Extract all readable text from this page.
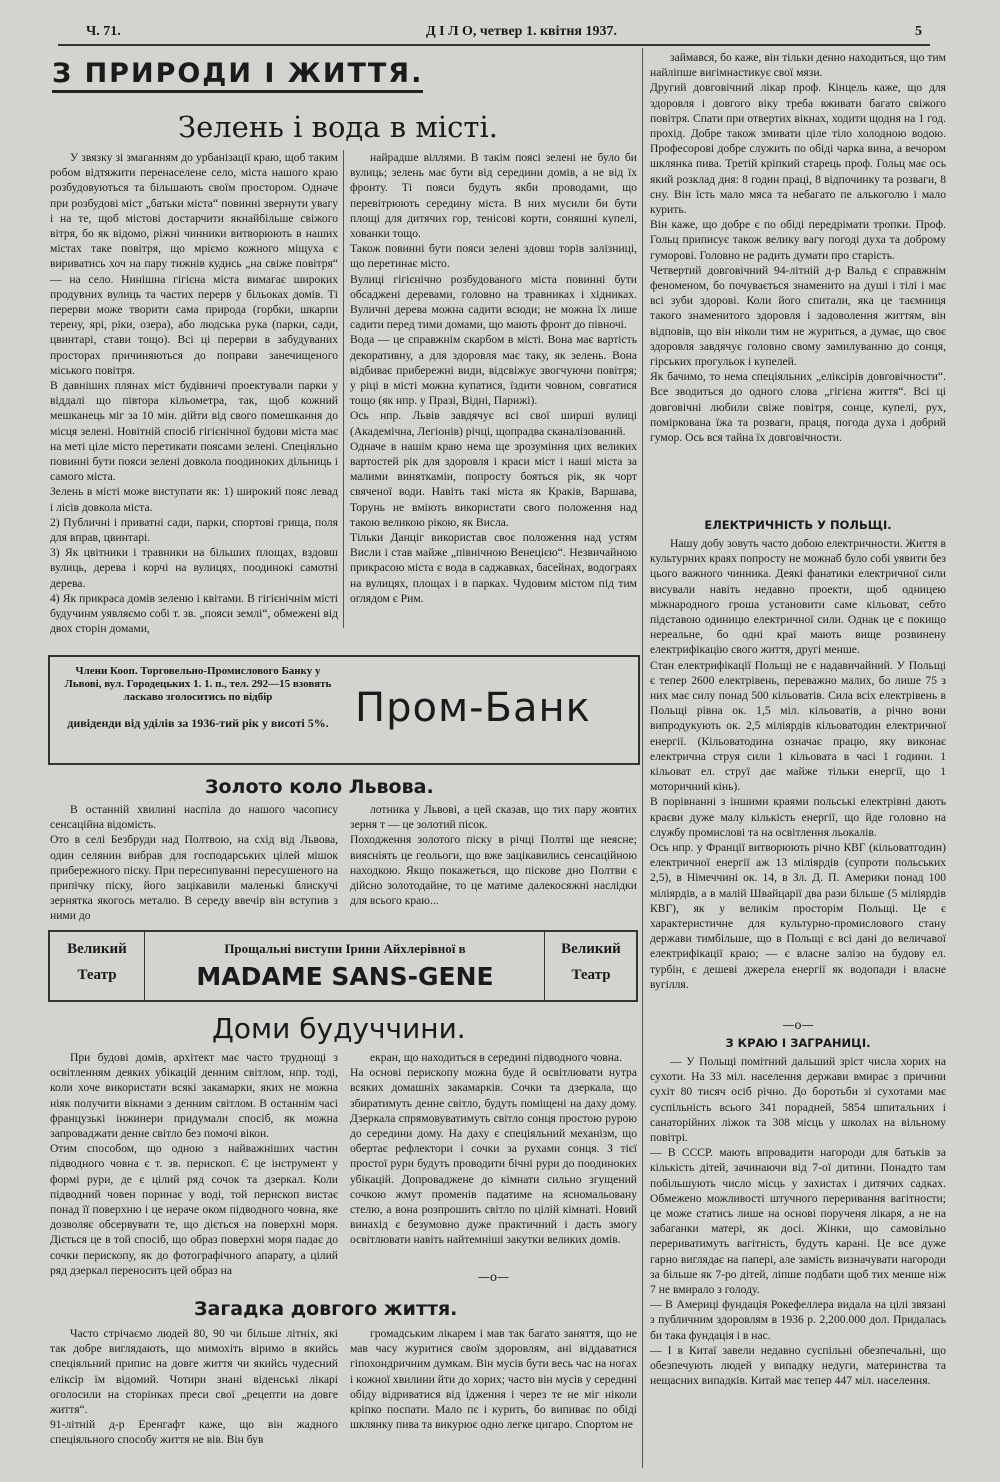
Ч. 71.	Д І Л О, четвер 1. квітня 1937.	5
З ПРИРОДИ І ЖИТТЯ.
Зелень і вода в місті.

У звязку зі змаганням до урбанізації краю, щоб таким робом відтяжити перенаселене село, міста нашого краю розбудовуються та більшають своїм простором. Одначе при розбудові міст „батьки міста“ повинні звернути увагу і на те, щоб містові достарчити якнайбільше свіжого вітря, бо як відомо, ріжні чинники витворюють в наших містах таке повітря, що мріємо кожного міщуха є вириватись хоч на пару тижнів кудись „на свіже повітря“ — на село. Нинішна гігієна міста вимагає широких продувних вулиць та частих перерв у більоках домів. Ті перерви може творити сама природа (горбки, шкарпи терену, ярі, ріки, озера), або людська рука (парки, сади, цвинтарі, стави тощо). Всі ці перерви в забудуваних просторах причиняються до поправи занечищеного міського повітря.
В давніших плянах міст будівничі проектували парки у віддалі що півтора кільометра, так, щоб кожний мешканець міг за 10 мін. дійти від свого помешкання до місця зелені. Новітній спосіб гігієнічної будови міста має на меті ціле місто перетикати поясами зелені. Спеціяльно повинні бути пояси зелені довкола поодиноких дільниць і самого міста.
Зелень в місті може виступати як: 1) широкий пояс левад і лісів довкола міста.
2) Публичні і приватні сади, парки, спортові грища, поля для вправ, цвинтарі.
3) Як цвітники і травники на більших площах, вздовш вулиць, дерева і корчі на вулицях, поодинокі самотні дерева.
4) Як прикраса домів зеленю і квітами. В гігієнічнім місті будучинм уявляємо собі т. зв. „пояси землі“, обмежені від двох сторін домами,

найрадше віллями. В такім поясі зелені не було би вулиць; зелень має бути від середини домів, а не від їх фронту. Ті пояси будуть якби проводами, що перевітрюють середину міста. В них мусили би бути площі для дитячих гор, тенісові корти, соняшні купелі, хованки тощо.
Також повинні бути пояси зелені здовш торів залізниці, що перетинає місто.
Вулиці гігієнічно розбудованого міста повинні бути обсаджені деревами, головно на травниках і хідниках. Вуличні дерева можна садити всюди; не можна їх лише садити перед тими домами, що мають фронт до півночі.
Вода — це справжнім скарбом в місті. Вона має вартість декоративну, а для здоровля має таку, як зелень. Вона відбиває прибережні види, відсвіжує звогчуючи повітря; у ріці в місті можна купатися, їздити човном, совгатися тощо (як нпр. у Празі, Відні, Парижі).
Ось нпр. Львів завдячує всі свої ширші вулиці (Академічна, Легіонів) річці, щопрадва сканалізований.
Одначе в нашім краю нема ще зрозуміння цих великих вартостей рік для здоровля і краси міст і наші міста за малими виняткаміи, попросту бояться рік, як чорт свяченої води. Навіть такі міста як Краків, Варшава, Торунь не вміють використати свого положення над такою великою рікою, як Висла.
Тільки Данціг використав своє положення над устям Висли і став майже „північною Венецією“. Незвичайною прикрасою міста є вода в саджавках, басейнах, водограях на вулицях, площах і в парках. Чудовим містом під тим оглядом є Рим.

займався, бо каже, він тільки денно находиться, що тим найліпше вигімнастикує свої мязи.
Другий довговічний лікар проф. Кінцель каже, що для здоровля і довгого віку треба вживати багато свіжого повітря. Спати при отвертих вікнах, ходити щодня на 1 год. прохід. Добре також змивати ціле тіло холодною водою. Професорові добре служить по обіді чарка вина, а вечором шклянка пива. Третій кріпкий старець проф. Гольц має ось який розклад дня: 8 годин праці, 8 відпочинку та розваги, 8 сну. Він їсть мало мяса та небагато пе алькоголю і мало курить.
Він каже, що добре є по обіді передрімати тропки. Проф. Гольц приписує також великy вагу погоді духа та доброму гуморові. Головно не радить думати про старість.
Четвертий довговічний 94-літній д-р Вальд є справжнім феноменом, бо почувається знаменито на душі і тілі і має всі зуби здорові. Коли його спитали, яка це таємниця такого знаменитого здоровля і задоволення життям, він відповів, що він ніколи тим не журиться, а думає, що своє здоровля завдячує головно свому замилуванню до сонця, гірських прогульок і купелей.
Як бачимо, то нема спеціяльних „еліксірів довговічности“. Все зводиться до одного слова „гігієна життя“. Всі ці довговічні любили свіже повітря, сонце, купелі, рух, поміркована їжа та розваги, праця, погода духа і добрий гумор. Ось вся тайна їх довговічности.

ЕЛЕКТРИЧНІСТЬ У ПОЛЬЩІ.

Нашу добу зовуть часто добою електричности. Життя в культурних краях попросту не можнаб було собі уявити без цього важного чинника. Деякі фанатики електричної сили висували навіть недавно проекти, щоб одницею міжнародного гроша установити саме кільоват, себто підставою одиницю електричної сили. Однак це є покищо нереальне, бо одні краї мають вище розвинену електрифікацію свого життя, другі менше.
Стан електрифікації Польщі не є надавичайний. У Польщі є тепер 2600 електрівень, переважно малих, бо лише 75 з них має силу понад 500 кільоватів. Сила всіх електрівень в Польщі рівна ок. 1,5 міл. кільоватів, а річно вони випродукують ок. 2,5 міліярдів кільоватодин електричної енергії. (Кільоватодина означає працю, яку виконає електрична струя сили 1 кільовата в часі 1 години. 1 кільоват ел. струї дає майже тільки енергії, що 1 моторичний кінь).
В порівнанні з іншими краями польські електрівні дають краєви дуже малу кількість енергії, що йде головно на службу промисловi та на освітлення льокалів.
Ось нпр. у Франції витворюють річно КВГ (кільоватгодин) електричної енергії аж 13 міліярдів (супроти польських 2,5), в Німеччині ок. 14, в Зл. Д. П. Америки понад 100 міліярдів, а в малій Швайцарії два рази більше (5 міліярдів КВГ), як у великім просторім Польщі. Це є характеристичне для культурно-промислового стану держави тимбільше, що в Польщі є всі дані до величавої електрифікації краю; — є власне залізо на будову ел. турбін, є дешеві джерела енергії як водопади і власне вугілля.

—o—
З КРАЮ І ЗАГРАНИЦІ.

— У Польщі помітний дальший зріст числа хорих на сухоти. На 33 міл. населення держави вмирає з причини сухіт 80 тисяч осіб річно. До боротьби зі сухотами має суспільність всього 341 порадней, 5854 шпитальних і санаторійних ліжок та 308 місць у школах на вільному повітрі.
— В СССР. мають впровадити нагороди для батьків за кількість дітей, зачинаючи від 7-ої дитини. Понадто там побільшують число місць у захистах і дитячих садках. Обмежено можливості штучного переривання вагітности; це може статись лише на основі порученя лікаря, а не на забаганки матері, як досі. Жінки, що самовільно перериватимуть вагітність, будуть карані. Це все дуже гарно виглядає на папері, але замість визначувати нагороди за більше як 7-ро дітей, ліпше подбати щоб тих менше ніж 7 не вмирало з голоду.
— В Америці фундація Рокефеллера видала на цілі звязані з публичним здоровлям в 1936 р. 2,200.000 дол. Придалась би така фундація і в нас.
— І в Китаї завели недавно суспільні обезпечальні, що обезпечують людей у випадку недуги, материнства та нещасних випадків. Китай має тепер 447 міл. населення.

Члени Кооп. Торговельно-Промислового Банку у Львові, вул. Городецьких 1. 1. п., тел. 292—15 взовять ласкаво зголоситись по відбір
дивіденди від уділів за 1936-тий рік у висоті 5%. Пром-Банк
Золото коло Львова.

В останній хвилині наспіла до нашого часопису сенсаційна відомість.
Ото в селі Безбруди над Полтвою, на схід від Львова, один селянин вибрав для господарських цілей мішок прибережного піску. При пересипуванні пересушеного на припічку піску, його зацікавили маленькі блискучі зернятка якогось металю. В середу ввечір він вступив з ними до

лотника у Львові, а цей сказав, що тих пару жовтих зерня т — це золотий пісок.
Походження золотого піску в річці Полтві ще неясне; виясніять це геольоги, що вже зацікавились сенсаційною находкою. Якщо покажеться, що піскове дно Полтви є дійсно золотодайне, то це матиме далекосяжні наслідки для всього краю...

Великий
Театр
Прощальні виступи Ірини Айхлерівної в
MADAME SANS-GENE
Великий
Театр
Доми будуччини.

При будові домів, архітект має часто труднощі з освітленням деяких убікацій денним світлом, нпр. тоді, коли хоче використати всякі закамарки, яких не можна ніяк получити вікнами з денним світлом. В останнім часі французькі інжинери придумали спосіб, як можна запроваджати денне світло без помочі вікон.
Отим способом, що одною з найважніших частин підводного човна є т. зв. перископ. Є це інструмент у формі рури, де є цілий ряд сочок та дзеркал. Коли підводний човен поринає у воді, той перископ вистає понад її поверхню і це нераче оком підводного човна, яке дозволяє обсервувати те, що діється на поверхні моря. Діється це в той спосіб, що образ поверхні моря падає до сочки перископу, як до фотографічного апарату, а цілий ряд дзеркал переносить цей образ на

екран, що находиться в середині підводного човна.
На основі перископу можна буде й освітлювати нутра всяких домашніх закамарків. Сочки та дзеркала, що збиратимуть денне світло, будуть поміщені на даху дому. Дзеркала спрямовуватимуть світло сонця простою рурою до середини дому. На даху є спеціяльний механізм, що обертає рефлектори і сочки за рухами сонця. З тієї простої рури будуть проводити бічні рури до поодиноких убікацій. Допроваджене до кімнати сильно згущений сочкою жмут променів падатиме на ясномальовану стелю, а вона розпрошить світло по цілій кімнаті. Новий винахід є безумовно дуже практичний і дасть змогу освітлювати навіть найтемніші закутки великих домів.

—o—
Загадка довгого життя.

Часто стрічаємо людей 80, 90 чи більше літніх, які так добре виглядають, що мимохіть віримо в якийсь спеціяльний припис на довге життя чи якийсь чудесний еліксір їм відомий. Чотири знані віденські лікарі оголосили на сторінках преси свої „рецепти на довге життя“.
91-літній д-р Еренгафт каже, що він жадного спеціяльного способу життя не вів. Він був

громадським лікарем і мав так багато заняття, що не мав часу журитися своїм здоровлям, ані віддаватися гіпохондричним думкам. Він мусів бути весь час на ногах і кожної хвилини йти до хорих; часто він мусів у середині обіду відриватися від їдження і через те не міг ніколи кріпко поспати. Мало пє і курить, бо випиває по обіді шклянку пива та викурює одно легке цигаро. Спортом не
